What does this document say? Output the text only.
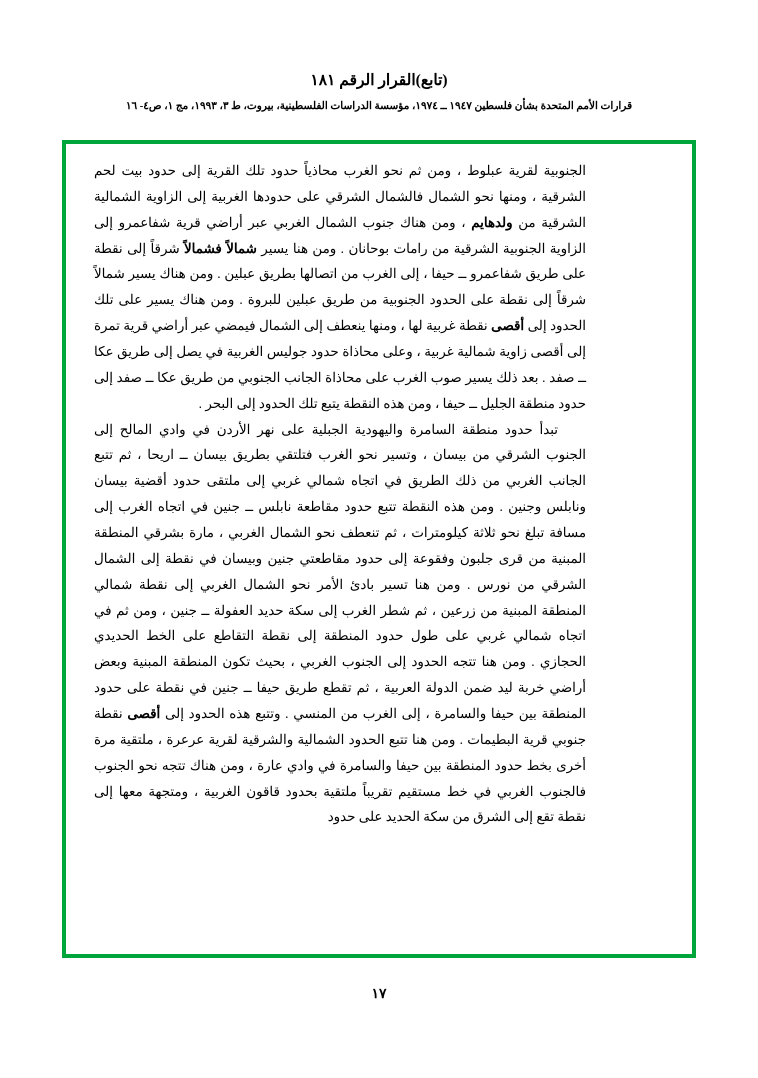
(تابع)القرار الرقم ١٨١
قرارات الأمم المتحدة بشأن فلسطين ١٩٤٧ ــ ١٩٧٤، مؤسسة الدراسات الفلسطينية، بيروت، ط ٣، ١٩٩٣، مج ١، ص٤- ١٦

الجنوبية لقرية عبلوط ، ومن ثم نحو الغرب محاذياً حدود تلك القرية إلى حدود بيت لحم الشرقية ، ومنها نحو الشمال فالشمال الشرقي على حدودها الغربية إلى الزاوية الشمالية الشرقية من ولدهايم ، ومن هناك جنوب الشمال الغربي عبر أراضي قرية شفاعمرو إلى الزاوية الجنوبية الشرقية من رامات بوحانان . ومن هنا يسير شمالاً فشمالاً شرقاً إلى نقطة على طريق شفاعمرو ــ حيفا ، إلى الغرب من اتصالها بطريق عبلين . ومن هناك يسير شمالاً شرقاً إلى نقطة على الحدود الجنوبية من طريق عبلين للبروة . ومن هناك يسير على تلك الحدود إلى أقصى نقطة غربية لها ، ومنها ينعطف إلى الشمال فيمضي عبر أراضي قرية تمرة إلى أقصى زاوية شمالية غربية ، وعلى محاذاة حدود جوليس الغربية في يصل إلى طريق عكا ــ صفد . بعد ذلك يسير صوب الغرب على محاذاة الجانب الجنوبي من طريق عكا ــ صفد إلى حدود منطقة الجليل ــ حيفا ، ومن هذه النقطة يتبع تلك الحدود إلى البحر .

تبدأ حدود منطقة السامرة واليهودية الجبلية على نهر الأردن في وادي المالح إلى الجنوب الشرقي من بيسان ، وتسير نحو الغرب فتلتقي بطريق بيسان ــ اريحا ، ثم تتبع الجانب الغربي من ذلك الطريق في اتجاه شمالي غربي إلى ملتقى حدود أقضية بيسان ونابلس وجنين . ومن هذه النقطة تتبع حدود مقاطعة نابلس ــ جنين في اتجاه الغرب إلى مسافة تبلغ نحو ثلاثة كيلومترات ، ثم تنعطف نحو الشمال الغربي ، مارة بشرقي المنطقة المبنية من قرى جلبون وفقوعة إلى حدود مقاطعتي جنين وبيسان في نقطة إلى الشمال الشرقي من نورس . ومن هنا تسير بادئ الأمر نحو الشمال الغربي إلى نقطة شمالي المنطقة المبنية من زرعين ، ثم شطر الغرب إلى سكة حديد العفولة ــ جنين ، ومن ثم في اتجاه شمالي غربي على طول حدود المنطقة إلى نقطة التقاطع على الخط الحديدي الحجازي . ومن هنا تتجه الحدود إلى الجنوب الغربي ، بحيث تكون المنطقة المبنية وبعض أراضي خربة ليد ضمن الدولة العربية ، ثم تقطع طريق حيفا ــ جنين في نقطة على حدود المنطقة بين حيفا والسامرة ، إلى الغرب من المنسي . وتتبع هذه الحدود إلى أقصى نقطة جنوبي قرية البطيمات . ومن هنا تتبع الحدود الشمالية والشرقية لقرية عرعرة ، ملتقية مرة أخرى بخط حدود المنطقة بين حيفا والسامرة في وادي عارة ، ومن هناك تتجه نحو الجنوب فالجنوب الغربي في خط مستقيم تقريباً ملتقية بحدود قاقون الغربية ، ومتجهة معها إلى نقطة تقع إلى الشرق من سكة الحديد على حدود

١٧
